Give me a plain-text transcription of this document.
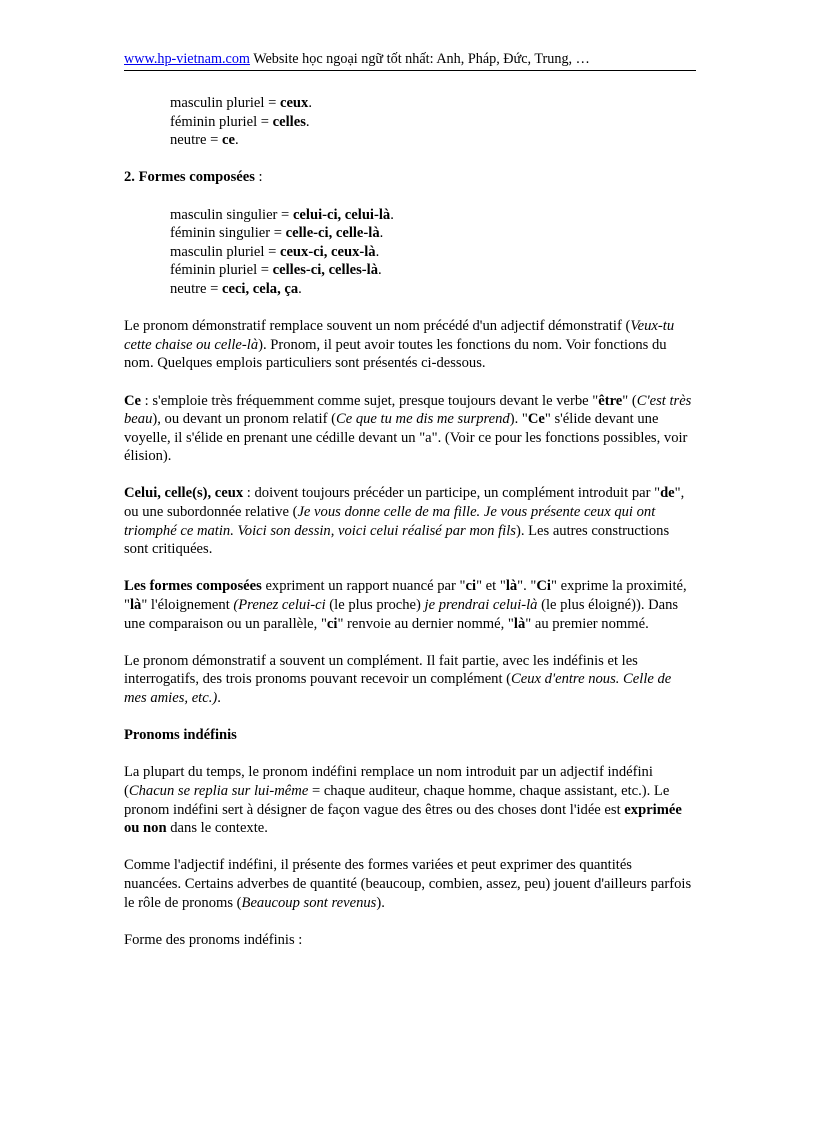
www.hp-vietnam.com Website học ngoại ngữ tốt nhất: Anh, Pháp, Đức, Trung, …
masculin pluriel = ceux.
féminin pluriel = celles.
neutre = ce.

2. Formes composées :

masculin singulier = celui-ci, celui-là.
féminin singulier = celle-ci, celle-là.
masculin pluriel = ceux-ci, ceux-là.
féminin pluriel = celles-ci, celles-là.
neutre = ceci, cela, ça.

Le pronom démonstratif remplace souvent un nom précédé d'un adjectif démonstratif (Veux-tu cette chaise ou celle-là). Pronom, il peut avoir toutes les fonctions du nom. Voir fonctions du nom. Quelques emplois particuliers sont présentés ci-dessous.

Ce : s'emploie très fréquemment comme sujet, presque toujours devant le verbe "être" (C'est très beau), ou devant un pronom relatif (Ce que tu me dis me surprend). "Ce" s'élide devant une voyelle, il s'élide en prenant une cédille devant un "a". (Voir ce pour les fonctions possibles, voir élision).

Celui, celle(s), ceux : doivent toujours précéder un participe, un complément introduit par "de", ou une subordonnée relative (Je vous donne celle de ma fille. Je vous présente ceux qui ont triomphé ce matin. Voici son dessin, voici celui réalisé par mon fils). Les autres constructions sont critiquées.

Les formes composées expriment un rapport nuancé par "ci" et "là". "Ci" exprime la proximité, "là" l'éloignement (Prenez celui-ci (le plus proche) je prendrai celui-là (le plus éloigné)). Dans une comparaison ou un parallèle, "ci" renvoie au dernier nommé, "là" au premier nommé.

Le pronom démonstratif a souvent un complément. Il fait partie, avec les indéfinis et les interrogatifs, des trois pronoms pouvant recevoir un complément (Ceux d'entre nous. Celle de mes amies, etc.).

Pronoms indéfinis

La plupart du temps, le pronom indéfini remplace un nom introduit par un adjectif indéfini (Chacun se replia sur lui-même = chaque auditeur, chaque homme, chaque assistant, etc.). Le pronom indéfini sert à désigner de façon vague des êtres ou des choses dont l'idée est exprimée ou non dans le contexte.

Comme l'adjectif indéfini, il présente des formes variées et peut exprimer des quantités nuancées. Certains adverbes de quantité (beaucoup, combien, assez, peu) jouent d'ailleurs parfois le rôle de pronoms (Beaucoup sont revenus).

Forme des pronoms indéfinis :
